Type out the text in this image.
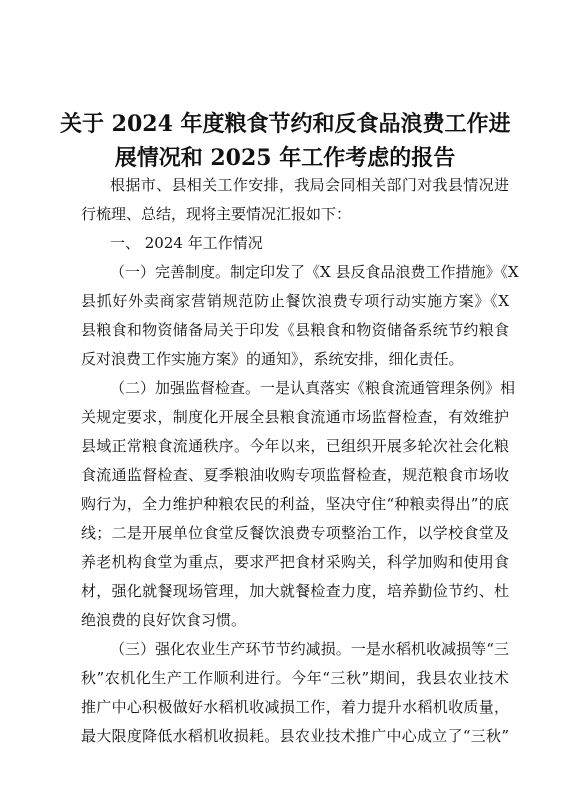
关于 2024 年度粮食节约和反食品浪费工作进
展情况和 2025 年工作考虑的报告
根据市、县相关工作安排，我局会同相关部门对我县情况进
行梳理、总结，现将主要情况汇报如下：
一、 2024 年工作情况
（一）完善制度。制定印发了《X 县反食品浪费工作措施》《X
县抓好外卖商家营销规范防止餐饮浪费专项行动实施方案》《X
县粮食和物资储备局关于印发《县粮食和物资储备系统节约粮食
反对浪费工作实施方案》的通知》，系统安排，细化责任。
（二）加强监督检查。一是认真落实《粮食流通管理条例》相
关规定要求，制度化开展全县粮食流通市场监督检查，有效维护
县域正常粮食流通秩序。今年以来，已组织开展多轮次社会化粮
食流通监督检查、夏季粮油收购专项监督检查，规范粮食市场收
购行为，全力维护种粮农民的利益，坚决守住“种粮卖得出”的底
线；二是开展单位食堂反餐饮浪费专项整治工作，以学校食堂及
养老机构食堂为重点，要求严把食材采购关，科学加购和使用食
材，强化就餐现场管理，加大就餐检查力度，培养勤俭节约、杜
绝浪费的良好饮食习惯。
（三）强化农业生产环节节约减损。一是水稻机收减损等“三
秋”农机化生产工作顺利进行。今年“三秋”期间，我县农业技术
推广中心积极做好水稻机收减损工作，着力提升水稻机收质量，
最大限度降低水稻机收损耗。县农业技术推广中心成立了“三秋”
